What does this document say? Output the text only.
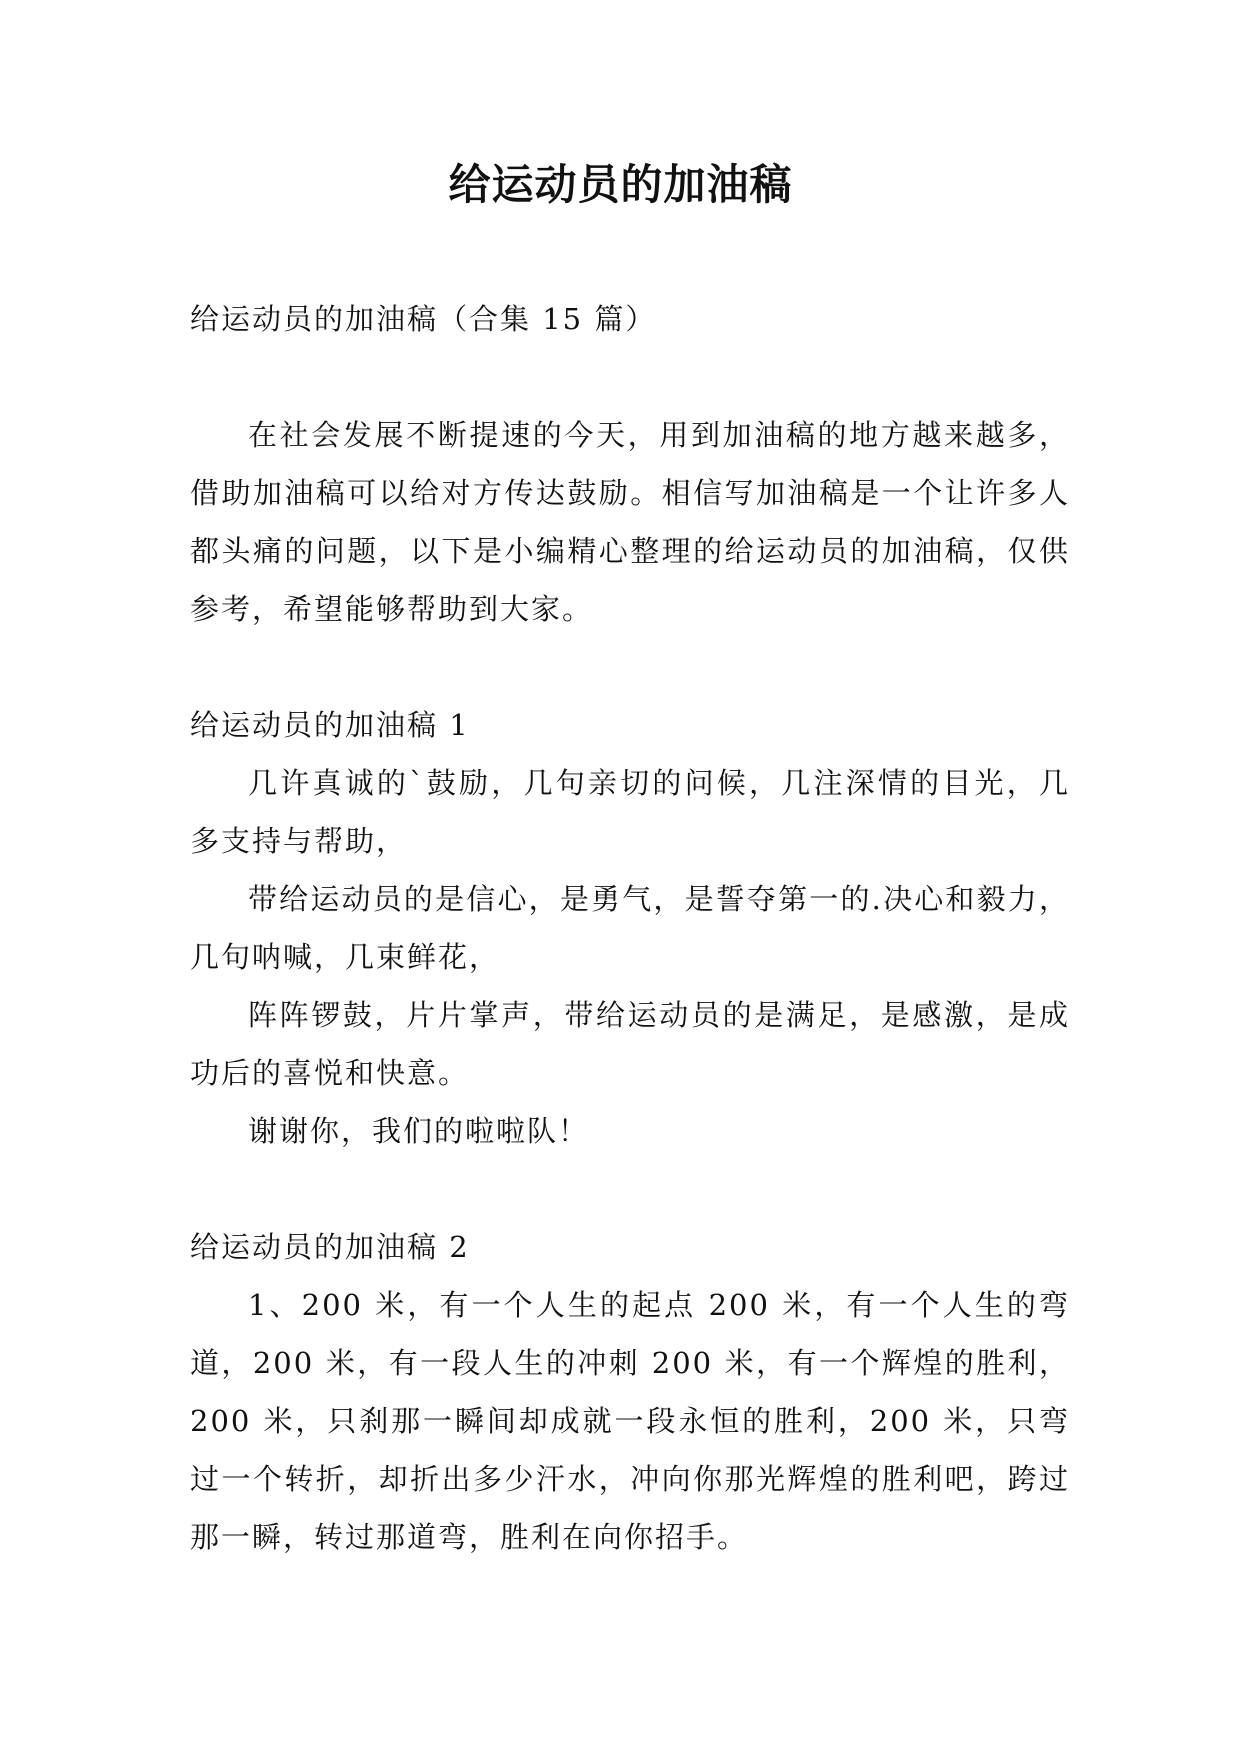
给运动员的加油稿

给运动员的加油稿（合集 15 篇）

在社会发展不断提速的今天，用到加油稿的地方越来越多，借助加油稿可以给对方传达鼓励。相信写加油稿是一个让许多人都头痛的问题，以下是小编精心整理的给运动员的加油稿，仅供参考，希望能够帮助到大家。

给运动员的加油稿 1

几许真诚的`鼓励，几句亲切的问候，几注深情的目光，几多支持与帮助，

带给运动员的是信心，是勇气，是誓夺第一的.决心和毅力，几句呐喊，几束鲜花，

阵阵锣鼓，片片掌声，带给运动员的是满足，是感激，是成功后的喜悦和快意。

谢谢你，我们的啦啦队！

给运动员的加油稿 2

1、200 米，有一个人生的起点 200 米，有一个人生的弯道，200 米，有一段人生的冲刺 200 米，有一个辉煌的胜利，200 米，只刹那一瞬间却成就一段永恒的胜利，200 米，只弯过一个转折，却折出多少汗水，冲向你那光辉煌的胜利吧，跨过那一瞬，转过那道弯，胜利在向你招手。
